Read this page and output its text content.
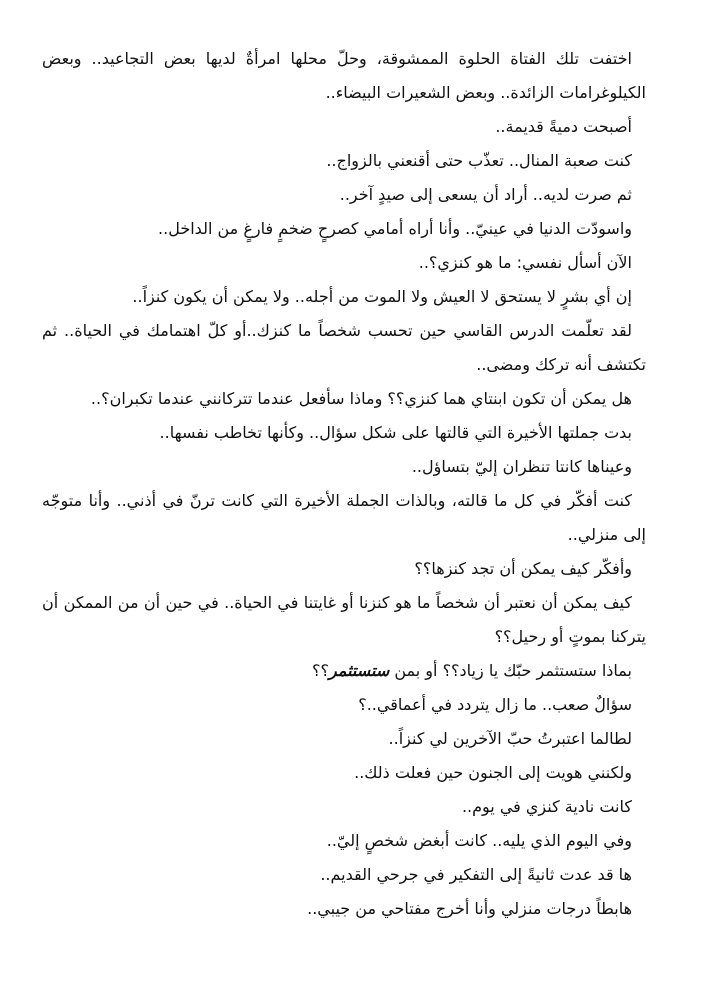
اختفت تلك الفتاة الحلوة الممشوقة، وحلّ محلها امرأةٌ لديها بعض التجاعيد.. وبعض الكيلوغرامات الزائدة.. وبعض الشعيرات البيضاء..

أصبحت دميةً قديمة..

كنت صعبة المنال.. تعذّب حتى أقنعني بالزواج..

ثم صرت لديه.. أراد أن يسعى إلى صيدٍ آخر..

واسودّت الدنيا في عينيّ.. وأنا أراه أمامي كصرحٍ ضخمٍ فارغٍ من الداخل..

الآن أسأل نفسي: ما هو كنزي؟..

إن أي بشرٍ لا يستحق لا العيش ولا الموت من أجله.. ولا يمكن أن يكون كنزاً..

لقد تعلّمت الدرس القاسي حين تحسب شخصاً ما كنزك..أو كلّ اهتمامك في الحياة.. ثم تكتشف أنه تركك ومضى..

هل يمكن أن تكون ابنتاي هما كنزي؟؟ وماذا سأفعل عندما تتركانني عندما تكبران؟..

بدت جملتها الأخيرة التي قالتها على شكل سؤال.. وكأنها تخاطب نفسها..

وعيناها كانتا تنظران إليّ بتساؤل..

كنت أفكّر في كل ما قالته، وبالذات الجملة الأخيرة التي كانت ترنّ في أذني.. وأنا متوجّه إلى منزلي..

وأفكّر كيف يمكن أن تجد كنزها؟؟

كيف يمكن أن نعتبر أن شخصاً ما هو كنزنا أو غايتنا في الحياة.. في حين أن من الممكن أن يتركنا بموتٍ أو رحيل؟؟

بماذا ستستثمر حبّك يا زياد؟؟ أو بمن ستستثمر؟؟

سؤالٌ صعب.. ما زال يتردد في أعماقي..؟

لطالما اعتبرتُ حبّ الآخرين لي كنزاً..

ولكنني هويت إلى الجنون حين فعلت ذلك..

كانت نادية كنزي في يوم..

وفي اليوم الذي يليه.. كانت أبغض شخصٍ إليّ..

ها قد عدت ثانيةً إلى التفكير في جرحي القديم..

هابطاً درجات منزلي وأنا أخرج مفتاحي من جيبي..
